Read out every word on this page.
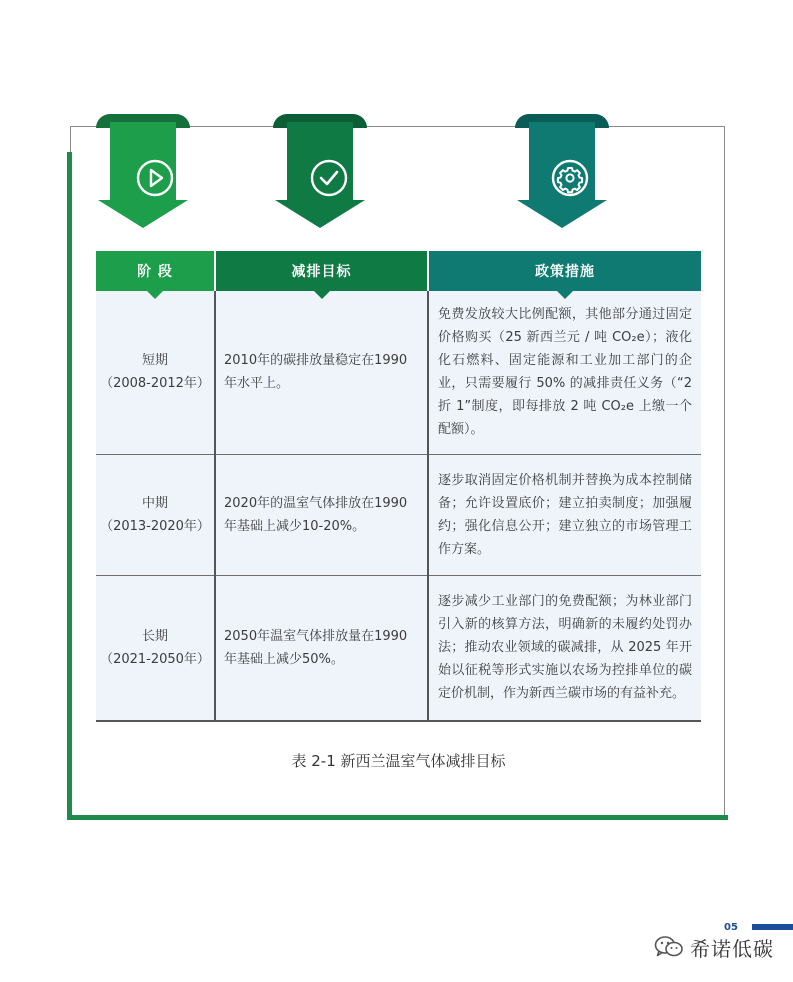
阶 段	减排目标	政策措施

短期
（2008-2012年）	2010年的碳排放量稳定在1990年水平上。	免费发放较大比例配额，其他部分通过固定价格购买（25 新西兰元 / 吨 CO₂e）；液化化石燃料、固定能源和工业加工部门的企业，只需要履行 50% 的减排责任义务（“2 折 1”制度，即每排放 2 吨 CO₂e 上缴一个配额）。

中期
（2013-2020年）	2020年的温室气体排放在1990年基础上减少10-20%。	逐步取消固定价格机制并替换为成本控制储备；允许设置底价；建立拍卖制度；加强履约；强化信息公开；建立独立的市场管理工作方案。

长期
（2021-2050年）	2050年温室气体排放量在1990年基础上减少50%。	逐步减少工业部门的免费配额；为林业部门引入新的核算方法，明确新的未履约处罚办法；推动农业领域的碳减排，从 2025 年开始以征税等形式实施以农场为控排单位的碳定价机制，作为新西兰碳市场的有益补充。
表 2-1 新西兰温室气体减排目标
05
希诺低碳
